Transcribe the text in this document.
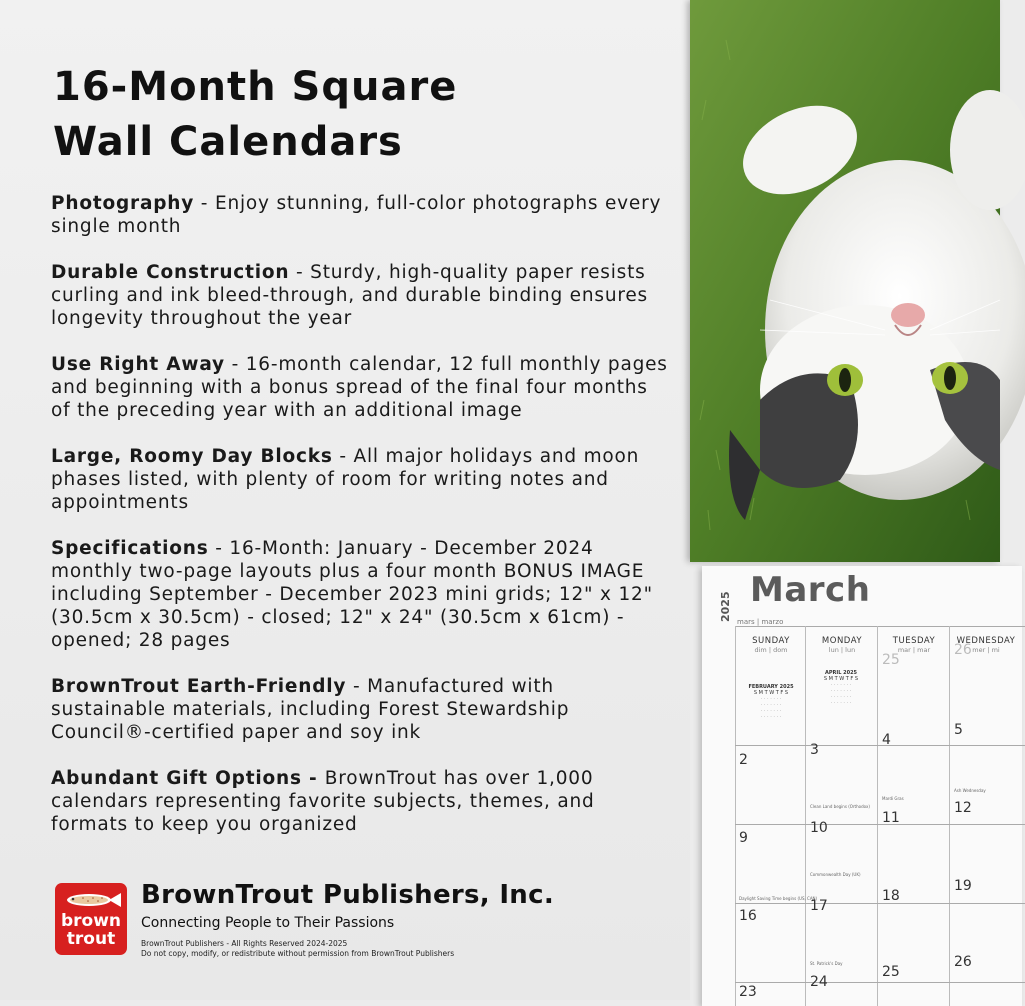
16-Month Square
Wall Calendars
Photography - Enjoy stunning, full-color photographs every single month
Durable Construction - Sturdy, high-quality paper resists curling and ink bleed-through, and durable binding ensures longevity throughout the year
Use Right Away - 16-month calendar, 12 full monthly pages and beginning with a bonus spread of the final four months of the preceding year with an additional image
Large, Roomy Day Blocks - All major holidays and moon phases listed, with plenty of room for writing notes and appointments
Specifications - 16-Month: January - December 2024 monthly two-page layouts plus a four month BONUS IMAGE including September - December 2023 mini grids; 12" x 12" (30.5cm x 30.5cm) - closed; 12" x 24" (30.5cm x 61cm) - opened; 28 pages
BrownTrout Earth-Friendly - Manufactured with sustainable materials, including Forest Stewardship Council®-certified paper and soy ink
Abundant Gift Options - BrownTrout has over 1,000 calendars representing favorite subjects, themes, and formats to keep you organized
brown
trout
BrownTrout Publishers, Inc.
Connecting People to Their Passions
BrownTrout Publishers - All Rights Reserved 2024-2025
Do not copy, modify, or redistribute without permission from BrownTrout Publishers
2025 March
mars | marzo
SUNDAY
dim | dom
MONDAY
lun | lun
TUESDAY
mar | mar
WEDNESDAY
mer | mi
FEBRUARY 2025
S M T W T F S
· · · · · · ·
· · · · · · ·
· · · · · · ·
· · · · · · ·
APRIL 2025
S M T W T F S
· · · · · · ·
· · · · · · ·
· · · · · · ·
· · · · · · ·
25
26
2
3
4
5
Clean Land begins (Orthodox)
Mardi Gras
Ash Wednesday
9
10
11
12
Commonwealth Day (UK)
Daylight Saving Time begins (US, CAN)
16
17
18
19
St. Patrick's Day
23
24
25
26
